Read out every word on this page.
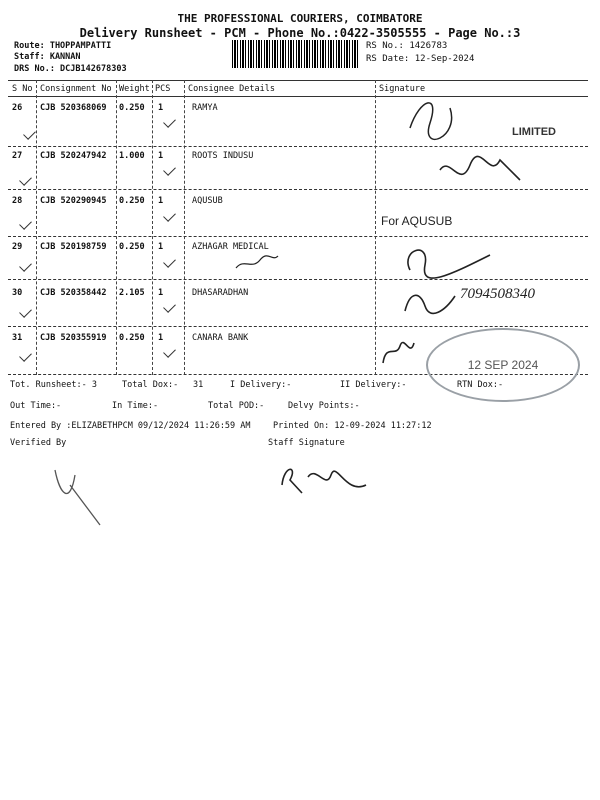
THE PROFESSIONAL COURIERS, COIMBATORE
Delivery Runsheet - PCM - Phone No.:0422-3505555 - Page No.:3
Route: THOPPAMPATTI
Staff: KANNAN
DRS No.: DCJB142678303
RS No.: 1426783
RS Date: 12-Sep-2024
S No Consignment No Weight PCS Consignee Details	Signature
26 CJB 520368069 0.250 1	RAMYA
27 CJB 520247942 1.000 1	ROOTS INDUSU
28 CJB 520290945 0.250 1	AQUSUB
29 CJB 520198759 0.250 1	AZHAGAR MEDICAL
30 CJB 520358442 2.105 1	DHASARADHAN
31 CJB 520355919 0.250 1	CANARA BANK
LIMITED
For AQUSUB
7094508340
12 SEP 2024
Tot. Runsheet:- 3	Total Dox:- 31	I Delivery:-	II Delivery:-	RTN Dox:-
Out Time:-	In Time:-	Total POD:-	Delvy Points:-
Entered By :ELIZABETHPCM 09/12/2024 11:26:59 AM	Printed On: 12-09-2024 11:27:12
Verified By	Staff Signature
